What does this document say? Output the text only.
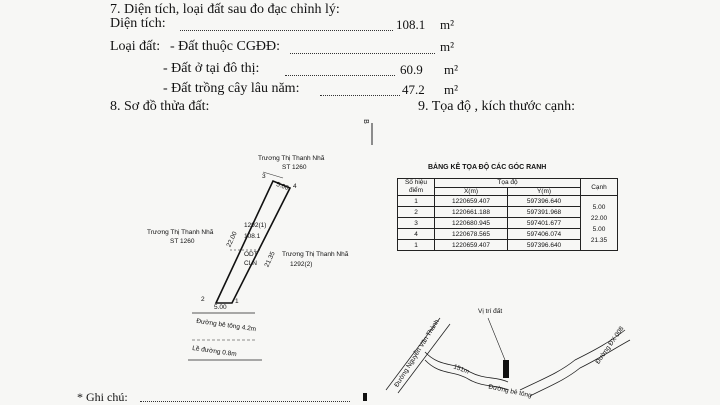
7. Diện tích, loại đất sau đo đạc chỉnh lý:
Diện tích:	108.1 m²
Loại đất: - Đất thuộc CGĐĐ:	m²
- Đất ở tại đô thị:	60.9 m²
- Đất trồng cây lâu năm:	47.2 m²
8. Sơ đồ thửa đất:	9. Tọa độ , kích thước cạnh:
B
Trương Thị Thanh Nhã
ST 1260
Trương Thị Thanh Nhã
ST 1260
Trương Thị Thanh Nhã
1292(2)
1292(1)
108.1
ODT
CLN
5.00
22.00
21.35
5.00
1
2
3
4
Đường bê tông 4.2m
Lề đường 0.8m
BẢNG KÊ TỌA ĐỘ CÁC GÓC RANH
Số hiệu điểm	Tọa độ		Cạnh
	X(m)	Y(m)	
1	1220659.407	597396.640	5.00
22.00
5.00
21.35

2	1220661.188	597391.968	
3	1220680.945	597401.677	
4	1220678.565	597406.074	
1	1220659.407	597396.640	
Vị trí đất
Đường Nguyễn Văn Thành	Đường ĐX 008
Đường bê tông
151m
* Ghi chú:
